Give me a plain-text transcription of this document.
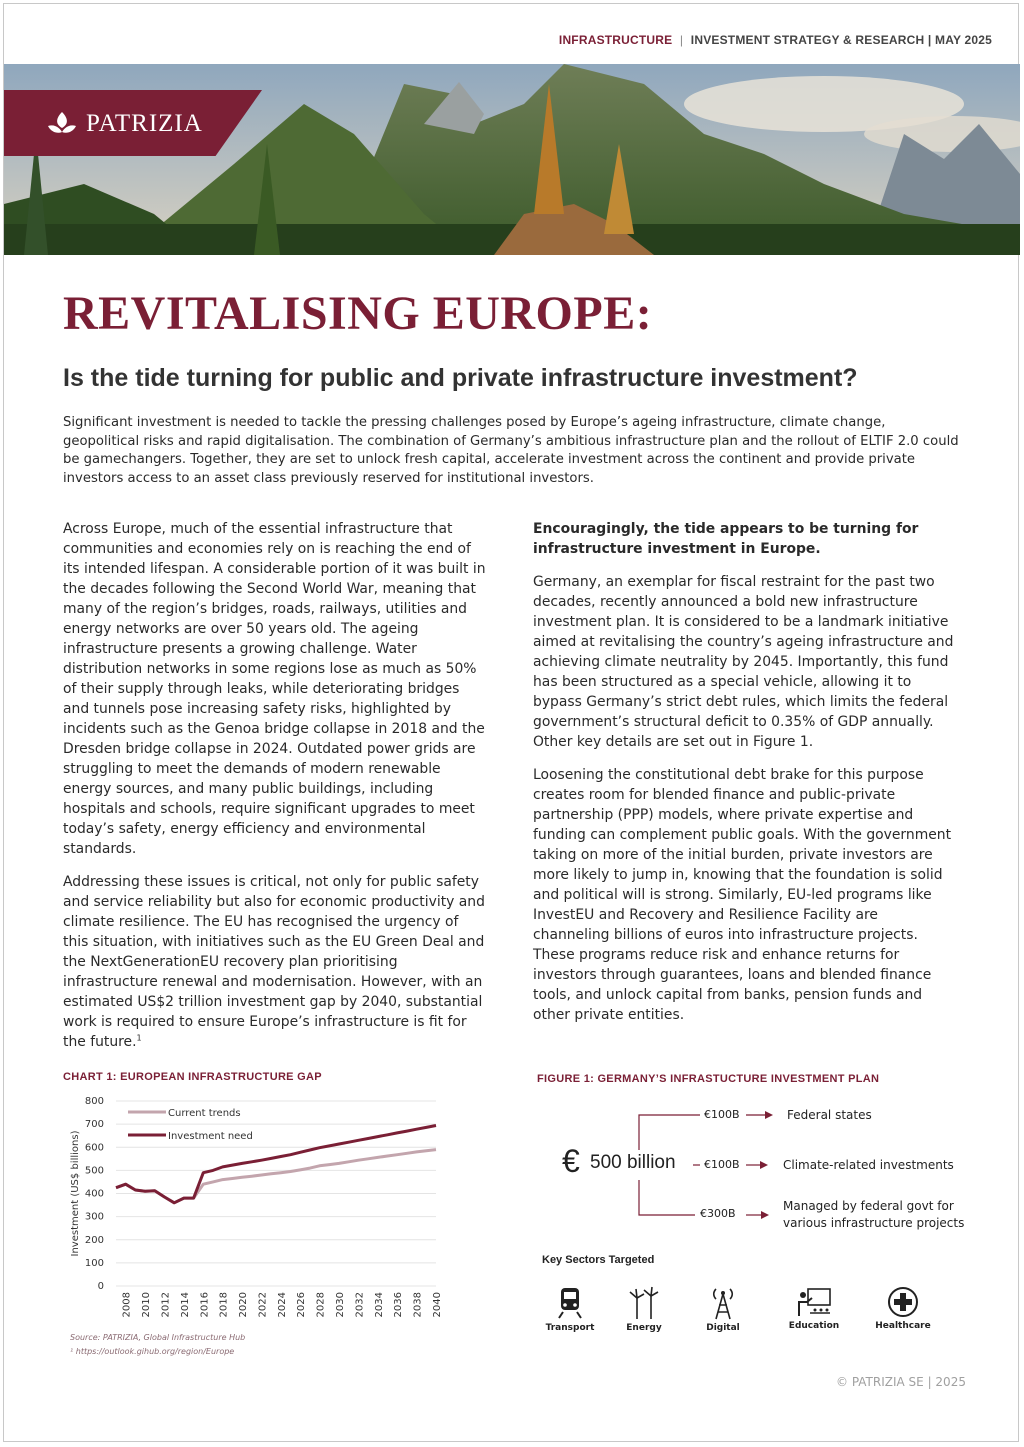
INFRASTRUCTURE | INVESTMENT STRATEGY & RESEARCH | MAY 2025
PATRIZIA
REVITALISING EUROPE:
Is the tide turning for public and private infrastructure investment?

Significant investment is needed to tackle the pressing challenges posed by Europe’s ageing infrastructure, climate change, geopolitical risks and rapid digitalisation. The combination of Germany’s ambitious infrastructure plan and the rollout of ELTIF 2.0 could be gamechangers. Together, they are set to unlock fresh capital, accelerate investment across the continent and provide private investors access to an asset class previously reserved for institutional investors.

Across Europe, much of the essential infrastructure that communities and economies rely on is reaching the end of its intended lifespan. A considerable portion of it was built in the decades following the Second World War, meaning that many of the region’s bridges, roads, railways, utilities and energy networks are over 50 years old. The ageing infrastructure presents a growing challenge. Water distribution networks in some regions lose as much as 50% of their supply through leaks, while deteriorating bridges and tunnels pose increasing safety risks, highlighted by incidents such as the Genoa bridge collapse in 2018 and the Dresden bridge collapse in 2024. Outdated power grids are struggling to meet the demands of modern renewable energy sources, and many public buildings, including hospitals and schools, require significant upgrades to meet today’s safety, energy efficiency and environmental standards.

Addressing these issues is critical, not only for public safety and service reliability but also for economic productivity and climate resilience. The EU has recognised the urgency of this situation, with initiatives such as the EU Green Deal and the NextGenerationEU recovery plan prioritising infrastructure renewal and modernisation. However, with an estimated US$2 trillion investment gap by 2040, substantial work is required to ensure Europe’s infrastructure is fit for the future.$^1$

Encouragingly, the tide appears to be turning for infrastructure investment in Europe.

Germany, an exemplar for fiscal restraint for the past two decades, recently announced a bold new infrastructure investment plan. It is considered to be a landmark initiative aimed at revitalising the country’s ageing infrastructure and achieving climate neutrality by 2045. Importantly, this fund has been structured as a special vehicle, allowing it to bypass Germany’s strict debt rules, which limits the federal government’s structural deficit to 0.35% of GDP annually. Other key details are set out in Figure 1.

Loosening the constitutional debt brake for this purpose creates room for blended finance and public-private partnership (PPP) models, where private expertise and funding can complement public goals. With the government taking on more of the initial burden, private investors are more likely to jump in, knowing that the foundation is solid and political will is strong. Similarly, EU-led programs like InvestEU and Recovery and Resilience Facility are channeling billions of euros into infrastructure projects. These programs reduce risk and enhance returns for investors through guarantees, loans and blended finance tools, and unlock capital from banks, pension funds and other private entities.

CHART 1: EUROPEAN INFRASTRUCTURE GAP
0
100
200
300
400
500
600
700
800
2008 2010 2012 2014 2016 2018 2020 2022 2024 2026 2028 2030 2032 2034 2036 2038 2040
Investment (US$ billions)
Current trends
Investment need
Source: PATRIZIA, Global Infrastructure Hub
¹ https://outlook.gihub.org/region/Europe
FIGURE 1: GERMANY’S INFRASTUCTURE INVESTMENT PLAN
€ 500 billion
€100B
€100B
€300B
Federal states
Climate-related investments
Managed by federal govt for
various infrastructure projects
Key Sectors Targeted
Transport	Energy	Digital	Education	Healthcare
© PATRIZIA SE | 2025
